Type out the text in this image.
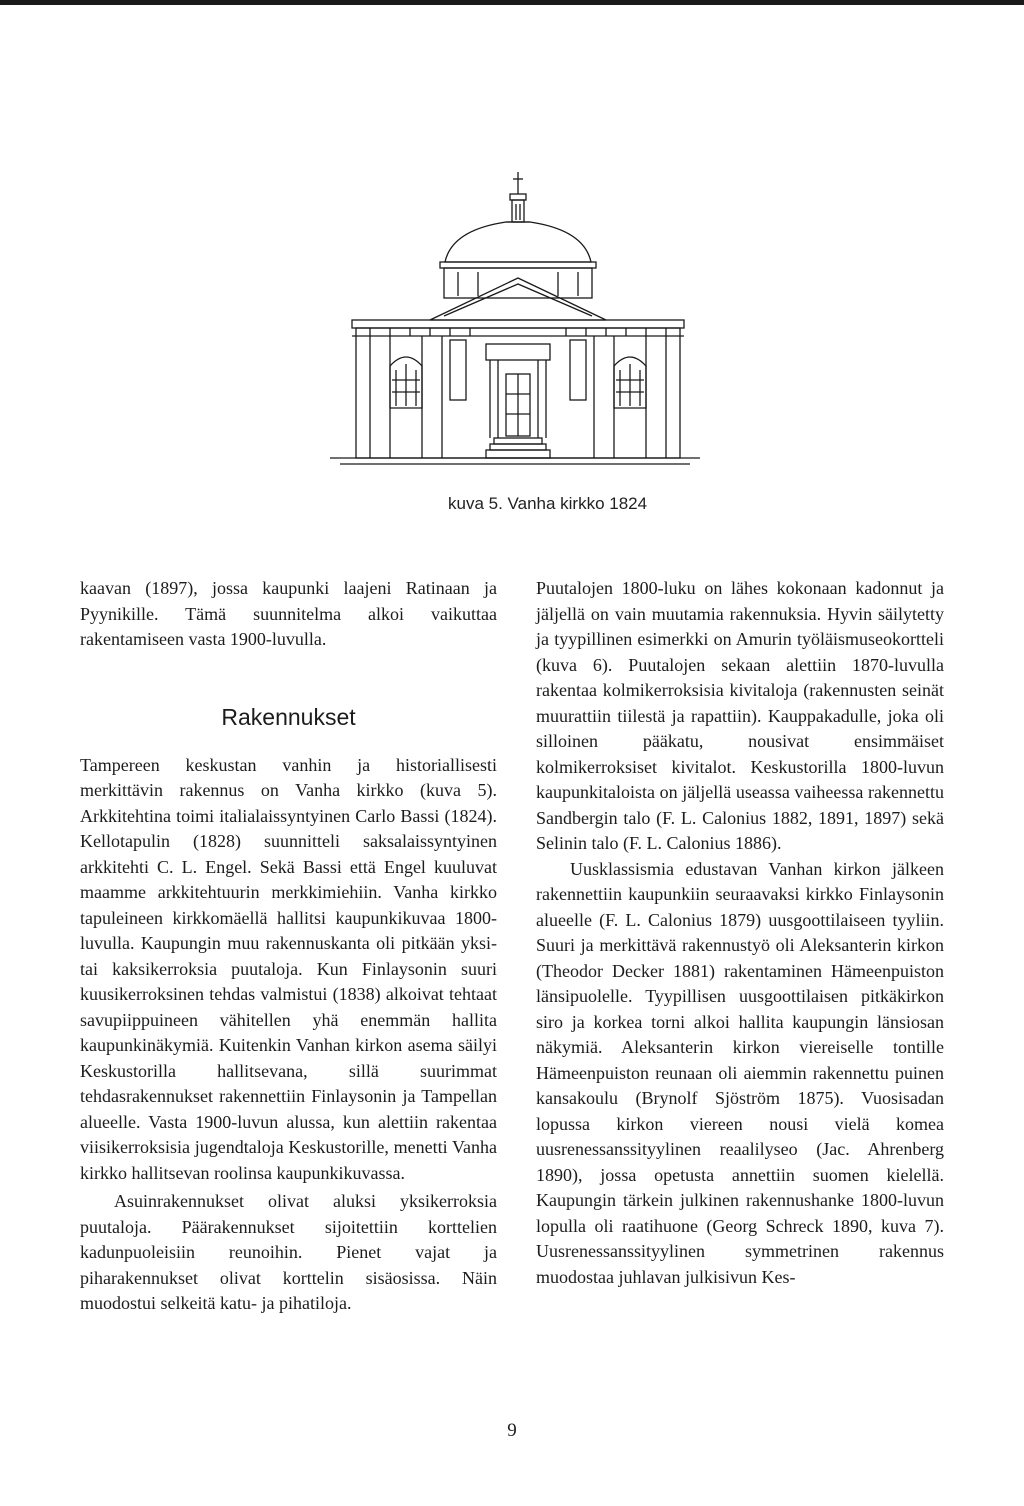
kuva 5. Vanha kirkko 1824

kaavan (1897), jossa kaupunki laajeni Ratinaan ja Pyynikille. Tämä suunnitelma alkoi vaikuttaa rakentamiseen vasta 1900-luvulla.

Rakennukset

Tampereen keskustan vanhin ja historiallisesti merkittävin rakennus on Vanha kirkko (kuva 5). Arkkitehtina toimi italialaissyntyinen Carlo Bassi (1824). Kellotapulin (1828) suunnitteli saksalaissyntyinen arkkitehti C. L. Engel. Sekä Bassi että Engel kuuluvat maamme arkkitehtuurin merkkimiehiin. Vanha kirkko tapuleineen kirkkomäellä hallitsi kaupunkikuvaa 1800-luvulla. Kaupungin muu rakennuskanta oli pitkään yksi- tai kaksikerroksia puutaloja. Kun Finlaysonin suuri kuusikerroksinen tehdas valmistui (1838) alkoivat tehtaat savupiippuineen vähitellen yhä enemmän hallita kaupunkinäkymiä. Kuitenkin Vanhan kirkon asema säilyi Keskustorilla hallitsevana, sillä suurimmat tehdasrakennukset rakennettiin Finlaysonin ja Tampellan alueelle. Vasta 1900-luvun alussa, kun alettiin rakentaa viisikerroksisia jugendtaloja Keskustorille, menetti Vanha kirkko hallitsevan roolinsa kaupunkikuvassa.

Asuinrakennukset olivat aluksi yksikerroksia puutaloja. Päärakennukset sijoitettiin korttelien kadunpuoleisiin reunoihin. Pienet vajat ja piharakennukset olivat korttelin sisäosissa. Näin muodostui selkeitä katu- ja pihatiloja.

Puutalojen 1800-luku on lähes kokonaan kadonnut ja jäljellä on vain muutamia rakennuksia. Hyvin säilytetty ja tyypillinen esimerkki on Amurin työläismuseokortteli (kuva 6). Puutalojen sekaan alettiin 1870-luvulla rakentaa kolmikerroksisia kivitaloja (rakennusten seinät muurattiin tiilestä ja rapattiin). Kauppakadulle, joka oli silloinen pääkatu, nousivat ensimmäiset kolmikerroksiset kivitalot. Keskustorilla 1800-luvun kaupunkitaloista on jäljellä useassa vaiheessa rakennettu Sandbergin talo (F. L. Calonius 1882, 1891, 1897) sekä Selinin talo (F. L. Calonius 1886).

Uusklassismia edustavan Vanhan kirkon jälkeen rakennettiin kaupunkiin seuraavaksi kirkko Finlaysonin alueelle (F. L. Calonius 1879) uusgoottilaiseen tyyliin. Suuri ja merkittävä rakennustyö oli Aleksanterin kirkon (Theodor Decker 1881) rakentaminen Hämeenpuiston länsipuolelle. Tyypillisen uusgoottilaisen pitkäkirkon siro ja korkea torni alkoi hallita kaupungin länsiosan näkymiä. Aleksanterin kirkon viereiselle tontille Hämeenpuiston reunaan oli aiemmin rakennettu puinen kansakoulu (Brynolf Sjöström 1875). Vuosisadan lopussa kirkon viereen nousi vielä komea uusrenessanssityylinen reaalilyseo (Jac. Ahrenberg 1890), jossa opetusta annettiin suomen kielellä. Kaupungin tärkein julkinen rakennushanke 1800-luvun lopulla oli raatihuone (Georg Schreck 1890, kuva 7). Uusrenessanssityylinen symmetrinen rakennus muodostaa juhlavan julkisivun Kes-

9
